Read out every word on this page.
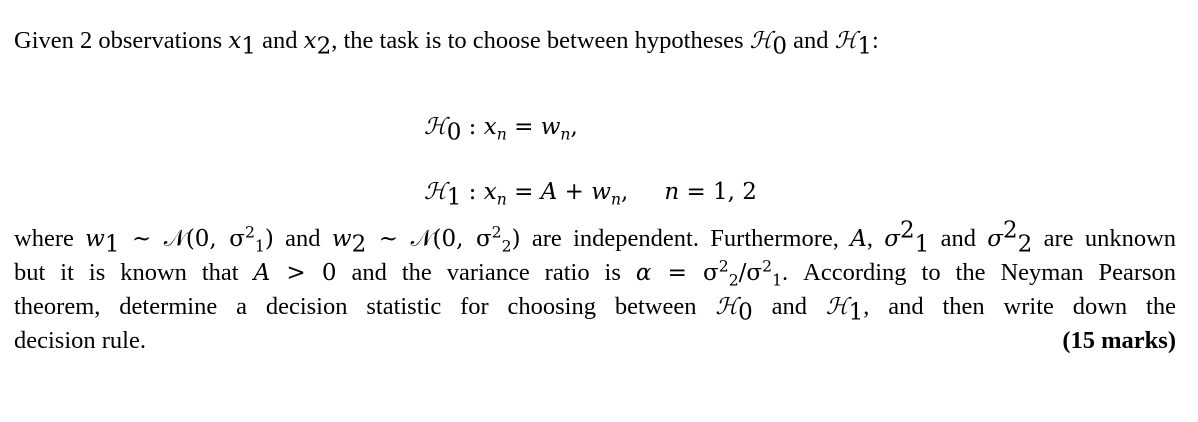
Given 2 observations $x_1$ and $x_2$, the task is to choose between hypotheses ℋ$_0$ and ℋ$_1$:
ℋ$_0$ : $x_n = w_n$,
ℋ$_1$ : $x_n = A + w_n$, n = 1, 2
where $w_1$ ~ 𝒩(0, $\sigma^2_1$) and $w_2$ ~ 𝒩(0, $\sigma^2_2$) are independent. Furthermore, A, $\sigma^2_1$ and $\sigma^2_2$ are unknown
but it is known that A > 0 and the variance ratio is $\alpha = \sigma^2_2/\sigma^2_1$. According to the Neyman Pearson
theorem, determine a decision statistic for choosing between ℋ$_0$ and ℋ$_1$, and then write down the
decision rule.	(15 marks)
